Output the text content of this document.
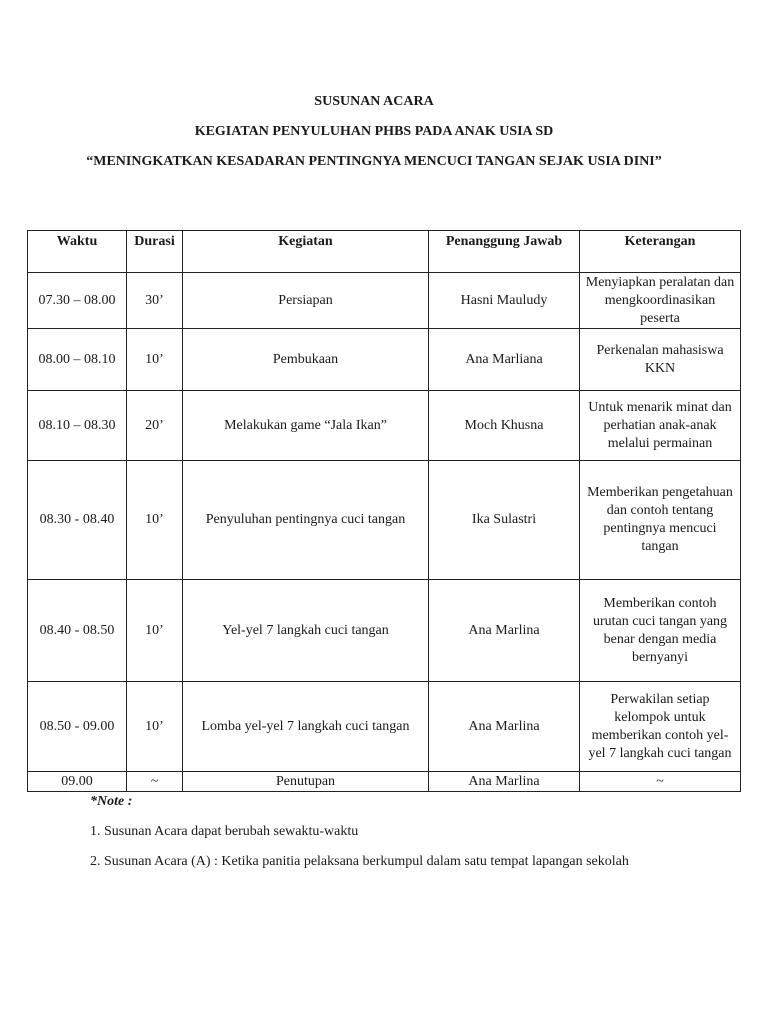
SUSUNAN ACARA

KEGIATAN PENYULUHAN PHBS PADA ANAK USIA SD

“MENINGKATKAN KESADARAN PENTINGNYA MENCUCI TANGAN SEJAK USIA DINI”

Waktu	Durasi	Kegiatan	Penanggung Jawab	Keterangan
07.30 – 08.00	30’	Persiapan	Hasni Mauludy	Menyiapkan peralatan dan mengkoordinasikan peserta
08.00 – 08.10	10’	Pembukaan	Ana Marliana	Perkenalan mahasiswa KKN
08.10 – 08.30	20’	Melakukan game “Jala Ikan”	Moch Khusna	Untuk menarik minat dan perhatian anak-anak melalui permainan
08.30 - 08.40	10’	Penyuluhan pentingnya cuci tangan	Ika Sulastri	Memberikan pengetahuan dan contoh tentang pentingnya mencuci tangan
08.40 - 08.50	10’	Yel-yel 7 langkah cuci tangan	Ana Marlina	Memberikan contoh urutan cuci tangan yang benar dengan media bernyanyi
08.50 - 09.00	10’	Lomba yel-yel 7 langkah cuci tangan	Ana Marlina	Perwakilan setiap kelompok untuk memberikan contoh yel-yel 7 langkah cuci tangan
09.00	~	Penutupan	Ana Marlina	~
*Note :
1. Susunan Acara dapat berubah sewaktu-waktu
2. Susunan Acara (A) : Ketika panitia pelaksana berkumpul dalam satu tempat lapangan sekolah
